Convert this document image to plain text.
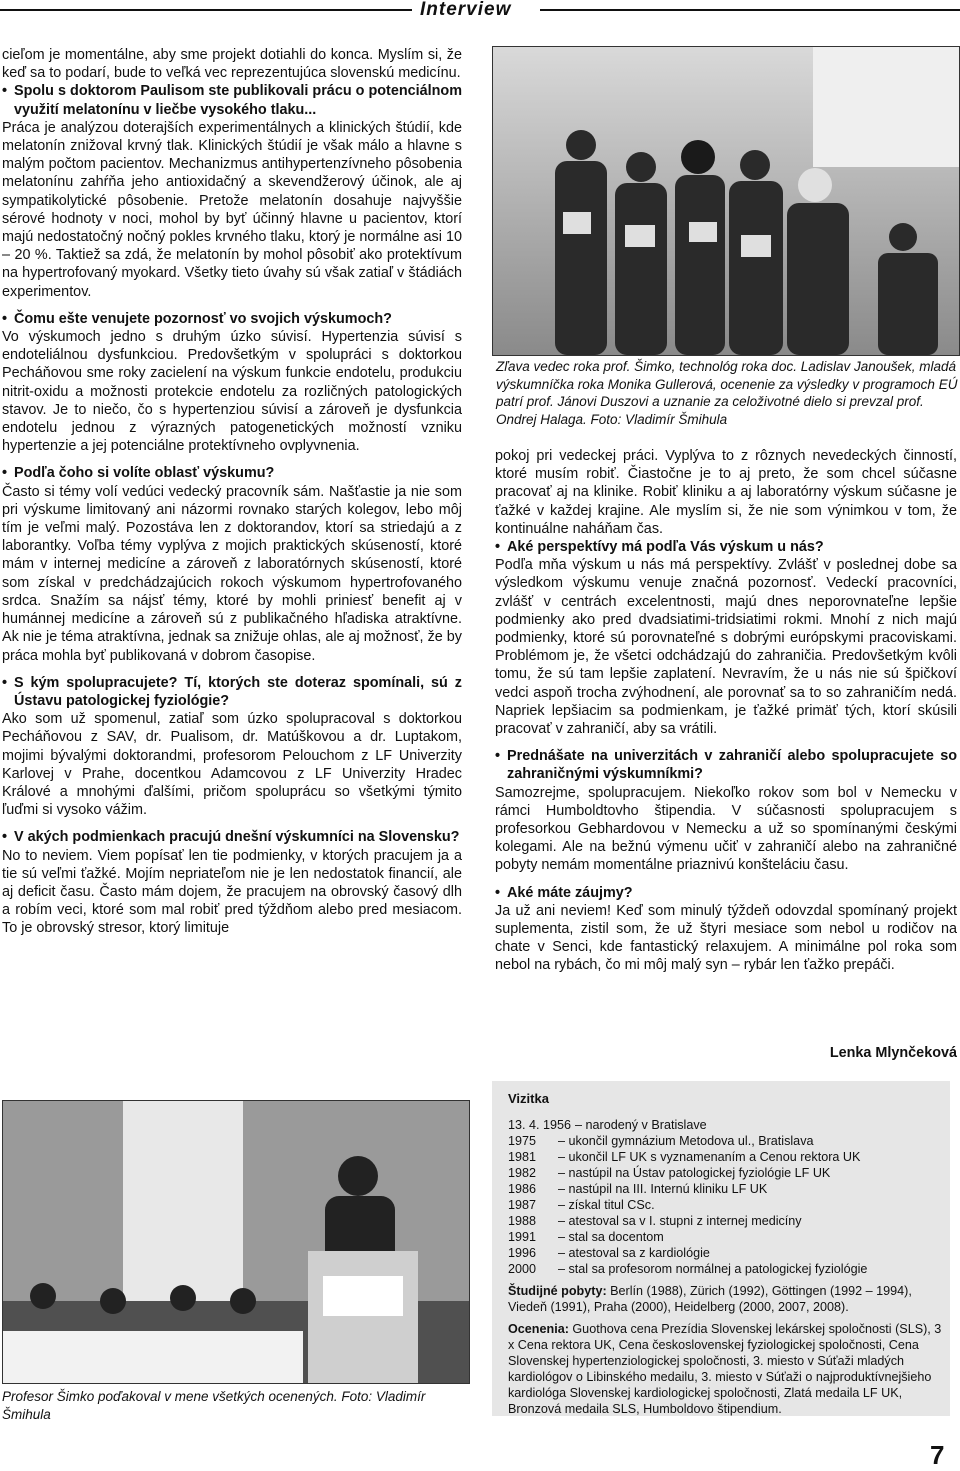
Interview

cieľom je momentálne, aby sme projekt dotiahli do konca. Myslím si, že keď sa to podarí, bude to veľká vec reprezentujúca slovenskú medicínu.

• Spolu s doktorom Paulisom ste publikovali prácu o potenciálnom využití melatonínu v liečbe vysokého tlaku...

Práca je analýzou doterajších experimentálnych a klinických štúdií, kde melatonín znižoval krvný tlak. Klinických štúdií je však málo a hlavne s malým počtom pacientov. Mechanizmus antihypertenzívneho pôsobenia melatonínu zahŕňa jeho antioxidačný a skevendžerový účinok, ale aj sympatikolytické pôsobenie. Pretože melatonín dosahuje najvyššie sérové hodnoty v noci, mohol by byť účinný hlavne u pacientov, ktorí majú nedostatočný nočný pokles krvného tlaku, ktorý je normálne asi 10 – 20 %. Taktiež sa zdá, že melatonín by mohol pôsobiť ako protektívum na hypertrofovaný myokard. Všetky tieto úvahy sú však zatiaľ v štádiách experimentov.

• Čomu ešte venujete pozornosť vo svojich výskumoch?

Vo výskumoch jedno s druhým úzko súvisí. Hypertenzia súvisí s endoteliálnou dysfunkciou. Predovšetkým v spolupráci s doktorkou Pecháňovou sme roky zacielení na výskum funkcie endotelu, produkciu nitrit-oxidu a možnosti protekcie endotelu za rozličných patologických stavov. Je to niečo, čo s hypertenziou súvisí a zároveň je dysfunkcia endotelu jednou z výrazných patogenetických možností vzniku hypertenzie a jej potenciálne protektívneho ovplyvnenia.

• Podľa čoho si volíte oblasť výskumu?

Často si témy volí vedúci vedecký pracovník sám. Našťastie ja nie som pri výskume limitovaný ani názormi rovnako starých kolegov, lebo môj tím je veľmi malý. Pozostáva len z doktorandov, ktorí sa striedajú a z laborantky. Voľba témy vyplýva z mojich praktických skúseností, ktoré mám v internej medicíne a zároveň z laboratórnych skúseností, ktoré som získal v predchádzajúcich rokoch výskumom hypertrofovaného srdca. Snažím sa nájsť témy, ktoré by mohli priniesť benefit aj v humánnej medicíne a zároveň sú z publikačného hľadiska atraktívne. Ak nie je téma atraktívna, jednak sa znižuje ohlas, ale aj možnosť, že by práca mohla byť publikovaná v dobrom časopise.

• S kým spolupracujete? Tí, ktorých ste doteraz spomínali, sú z Ústavu patologickej fyziológie?

Ako som už spomenul, zatiaľ som úzko spolupracoval s doktorkou Pecháňovou z SAV, dr. Pualisom, dr. Matúškovou a dr. Luptakom, mojimi bývalými doktorandmi, profesorom Pelouchom z LF Univerzity Karlovej v Prahe, docentkou Adamcovou z LF Univerzity Hradec Králové a mnohými ďalšími, pričom spoluprácu so všetkými týmito ľuďmi si vysoko vážim.

• V akých podmienkach pracujú dnešní výskumníci na Slovensku?

No to neviem. Viem popísať len tie podmienky, v ktorých pracujem ja a tie sú veľmi ťažké. Mojím nepriateľom nie je len nedostatok financií, ale aj deficit času. Často mám dojem, že pracujem na obrovský časový dlh a robím veci, ktoré som mal robiť pred týždňom alebo pred mesiacom. To je obrovský stresor, ktorý limituje

Zľava vedec roka prof. Šimko, technológ roka doc. Ladislav Janoušek, mladá výskumníčka roka Monika Gullerová, ocenenie za výsledky v programoch EÚ patrí prof. Jánovi Duszovi a uznanie za celoživotné dielo si prevzal prof. Ondrej Halaga. Foto: Vladimír Šmihula

pokoj pri vedeckej práci. Vyplýva to z rôznych nevedeckých činností, ktoré musím robiť. Čiastočne je to aj preto, že som chcel súčasne pracovať aj na klinike. Robiť kliniku a aj laboratórny výskum súčasne je ťažké v každej krajine. Ale myslím si, že nie som výnimkou v tom, že kontinuálne naháňam čas.

• Aké perspektívy má podľa Vás výskum u nás?

Podľa mňa výskum u nás má perspektívy. Zvlášť v poslednej dobe sa výsledkom výskumu venuje značná pozornosť. Vedeckí pracovníci, zvlášť v centrách excelentnosti, majú dnes neporovnateľne lepšie podmienky ako pred dvadsiatimi-tridsiatimi rokmi. Mnohí z nich majú podmienky, ktoré sú porovnateľné s dobrými európskymi pracoviskami. Problémom je, že všetci odchádzajú do zahraničia. Predovšetkým kvôli tomu, že sú tam lepšie zaplatení. Nevravím, že u nás nie sú špičkoví vedci aspoň trocha zvýhodnení, ale porovnať sa to so zahraničím nedá. Napriek lepšiacim sa podmienkam, je ťažké primäť tých, ktorí skúsili pracovať v zahraničí, aby sa vrátili.

• Prednášate na univerzitách v zahraničí alebo spolupracujete so zahraničnými výskumníkmi?

Samozrejme, spolupracujem. Niekoľko rokov som bol v Nemecku v rámci Humboldtovho štipendia. V súčasnosti spolupracujem s profesorkou Gebhardovou v Nemecku a už so spomínanými českými kolegami. Ale na bežnú výmenu učiť v zahraničí alebo na zahraničné pobyty nemám momentálne priaznivú konšteláciu času.

• Aké máte záujmy?

Ja už ani neviem! Keď som minulý týždeň odovzdal spomínaný projekt suplementa, zistil som, že už štyri mesiace som nebol u rodičov na chate v Senci, kde fantastický relaxujem. A minimálne pol roka som nebol na rybách, čo mi môj malý syn – rybár len ťažko prepáči.

Lenka Mlynčeková
Profesor Šimko poďakoval v mene všetkých ocenených. Foto: Vladimír Šmihula
Vizitka
13. 4. 1956 – narodený v Bratislave
1975	– ukončil gymnázium Metodova ul., Bratislava
1981	– ukončil LF UK s vyznamenaním a Cenou rektora UK
1982	– nastúpil na Ústav patologickej fyziológie LF UK
1986	– nastúpil na III. Internú kliniku LF UK
1987	– získal titul CSc.
1988	– atestoval sa v I. stupni z internej medicíny
1991	– stal sa docentom
1996	– atestoval sa z kardiológie
2000	– stal sa profesorom normálnej a patologickej fyziológie
Študijné pobyty: Berlín (1988), Zürich (1992), Göttingen (1992 – 1994), Viedeň (1991), Praha (2000), Heidelberg (2000, 2007, 2008).
Ocenenia: Guothova cena Prezídia Slovenskej lekárskej spoločnosti (SLS), 3 x Cena rektora UK, Cena československej fyziologickej spoločnosti, Cena Slovenskej hypertenziologickej spoločnosti, 3. miesto v Súťaži mladých kardiológov o Libinského medailu, 3. miesto v Súťaži o najproduktívnejšieho kardiológa Slovenskej kardiologickej spoločnosti, Zlatá medaila LF UK, Bronzová medaila SLS, Humboldovo štipendium.
7
